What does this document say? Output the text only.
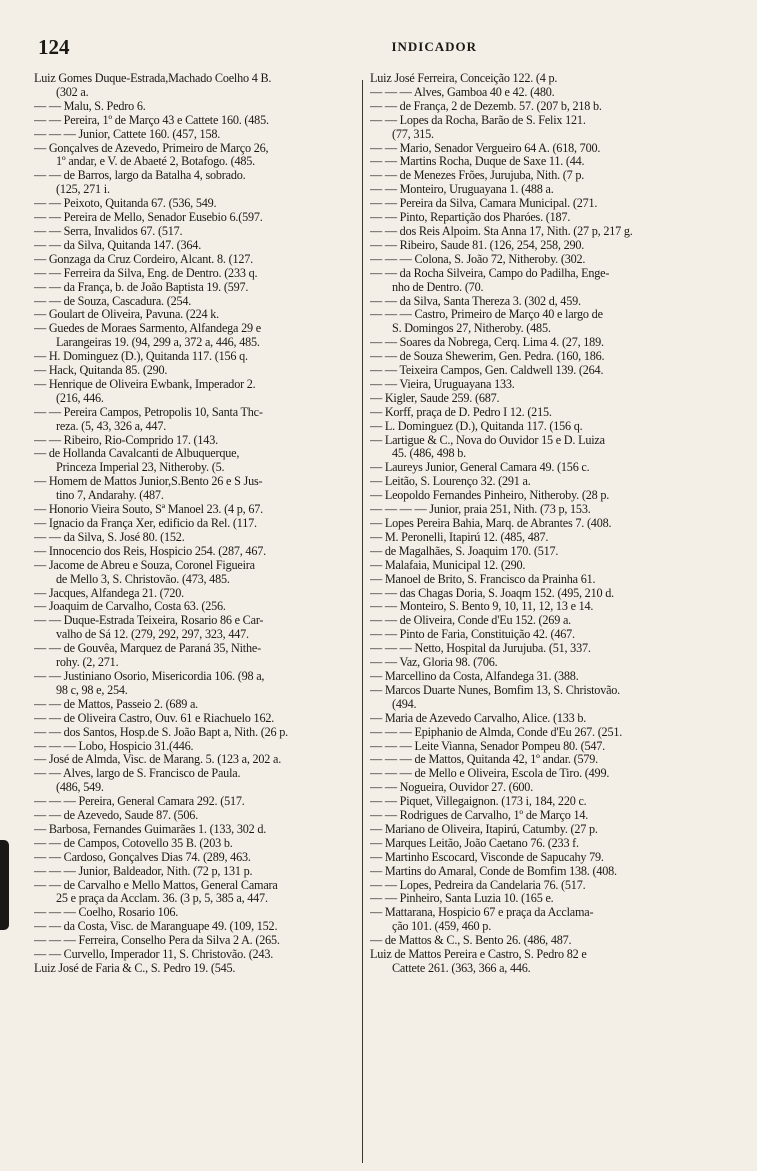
124	INDICADOR
Luiz Gomes Duque-Estrada,Machado Coelho 4 B.
(302 a.
— — Malu, S. Pedro 6.
— — Pereira, 1º de Março 43 e Cattete 160. (485.
— — — Junior, Cattete 160. (457, 158.
— Gonçalves de Azevedo, Primeiro de Março 26,
1º andar, e V. de Abaeté 2, Botafogo. (485.
— — de Barros, largo da Batalha 4, sobrado.
(125, 271 i.
— — Peixoto, Quitanda 67. (536, 549.
— — Pereira de Mello, Senador Eusebio 6.(597.
— — Serra, Invalidos 67. (517.
— — da Silva, Quitanda 147. (364.
— Gonzaga da Cruz Cordeiro, Alcant. 8. (127.
— — Ferreira da Silva, Eng. de Dentro. (233 q.
— — da França, b. de João Baptista 19. (597.
— — de Souza, Cascadura. (254.
— Goulart de Oliveira, Pavuna. (224 k.
— Guedes de Moraes Sarmento, Alfandega 29 e
Larangeiras 19. (94, 299 a, 372 a, 446, 485.
— H. Dominguez (D.), Quitanda 117. (156 q.
— Hack, Quitanda 85. (290.
— Henrique de Oliveira Ewbank, Imperador 2.
(216, 446.
— — Pereira Campos, Petropolis 10, Santa Thc-
reza. (5, 43, 326 a, 447.
— — Ribeiro, Rio-Comprido 17. (143.
— de Hollanda Cavalcanti de Albuquerque,
Princeza Imperial 23, Nitheroby. (5.
— Homem de Mattos Junior,S.Bento 26 e S Jus-
tino 7, Andarahy. (487.
— Honorio Vieira Souto, Sª Manoel 23. (4 p, 67.
— Ignacio da França Xer, edificio da Rel. (117.
— — da Silva, S. José 80. (152.
— Innocencio dos Reis, Hospicio 254. (287, 467.
— Jacome de Abreu e Souza, Coronel Figueira
de Mello 3, S. Christovão. (473, 485.
— Jacques, Alfandega 21. (720.
— Joaquim de Carvalho, Costa 63. (256.
— — Duque-Estrada Teixeira, Rosario 86 e Car-
valho de Sá 12. (279, 292, 297, 323, 447.
— — de Gouvêa, Marquez de Paraná 35, Nithe-
rohy. (2, 271.
— — Justiniano Osorio, Misericordia 106. (98 a,
98 c, 98 e, 254.
— — de Mattos, Passeio 2. (689 a.
— — de Oliveira Castro, Ouv. 61 e Riachuelo 162.
— — dos Santos, Hosp.de S. João Bapt a, Nith. (26 p.
— — — Lobo, Hospicio 31.(446.
— José de Almda, Visc. de Marang. 5. (123 a, 202 a.
— — Alves, largo de S. Francisco de Paula.
(486, 549.
— — — Pereira, General Camara 292. (517.
— — de Azevedo, Saude 87. (506.
— Barbosa, Fernandes Guimarães 1. (133, 302 d.
— — de Campos, Cotovello 35 B. (203 b.
— — Cardoso, Gonçalves Dias 74. (289, 463.
— — — Junior, Baldeador, Nith. (72 p, 131 p.
— — de Carvalho e Mello Mattos, General Camara
25 e praça da Acclam. 36. (3 p, 5, 385 a, 447.
— — — Coelho, Rosario 106.
— — da Costa, Visc. de Maranguape 49. (109, 152.
— — — Ferreira, Conselho Pera da Silva 2 A. (265.
— — Curvello, Imperador 11, S. Christovão. (243.
Luiz José de Faria & C., S. Pedro 19. (545.
Luiz José Ferreira, Conceição 122. (4 p.
— — — Alves, Gamboa 40 e 42. (480.
— — de França, 2 de Dezemb. 57. (207 b, 218 b.
— — Lopes da Rocha, Barão de S. Felix 121.
(77, 315.
— — Mario, Senador Vergueiro 64 A. (618, 700.
— — Martins Rocha, Duque de Saxe 11. (44.
— — de Menezes Frões, Jurujuba, Nith. (7 p.
— — Monteiro, Uruguayana 1. (488 a.
— — Pereira da Silva, Camara Municipal. (271.
— — Pinto, Repartição dos Pharóes. (187.
— — dos Reis Alpoim. Sta Anna 17, Nith. (27 p, 217 g.
— — Ribeiro, Saude 81. (126, 254, 258, 290.
— — — Colona, S. João 72, Nitheroby. (302.
— — da Rocha Silveira, Campo do Padilha, Enge-
nho de Dentro. (70.
— — da Silva, Santa Thereza 3. (302 d, 459.
— — — Castro, Primeiro de Março 40 e largo de
S. Domingos 27, Nitheroby. (485.
— — Soares da Nobrega, Cerq. Lima 4. (27, 189.
— — de Souza Shewerim, Gen. Pedra. (160, 186.
— — Teixeira Campos, Gen. Caldwell 139. (264.
— — Vieira, Uruguayana 133.
— Kigler, Saude 259. (687.
— Korff, praça de D. Pedro I 12. (215.
— L. Dominguez (D.), Quitanda 117. (156 q.
— Lartigue & C., Nova do Ouvidor 15 e D. Luiza
45. (486, 498 b.
— Laureys Junior, General Camara 49. (156 c.
— Leitão, S. Lourenço 32. (291 a.
— Leopoldo Fernandes Pinheiro, Nitheroby. (28 p.
— — — — Junior, praia 251, Nith. (73 p, 153.
— Lopes Pereira Bahia, Marq. de Abrantes 7. (408.
— M. Peronelli, Itapirú 12. (485, 487.
— de Magalhães, S. Joaquim 170. (517.
— Malafaia, Municipal 12. (290.
— Manoel de Brito, S. Francisco da Prainha 61.
— — das Chagas Doria, S. Joaqm 152. (495, 210 d.
— — Monteiro, S. Bento 9, 10, 11, 12, 13 e 14.
— — de Oliveira, Conde d'Eu 152. (269 a.
— — Pinto de Faria, Constituição 42. (467.
— — — Netto, Hospital da Jurujuba. (51, 337.
— — Vaz, Gloria 98. (706.
— Marcellino da Costa, Alfandega 31. (388.
— Marcos Duarte Nunes, Bomfim 13, S. Christovão.
(494.
— Maria de Azevedo Carvalho, Alice. (133 b.
— — — Epiphanio de Almda, Conde d'Eu 267. (251.
— — — Leite Vianna, Senador Pompeu 80. (547.
— — — de Mattos, Quitanda 42, 1º andar. (579.
— — — de Mello e Oliveira, Escola de Tiro. (499.
— — Nogueira, Ouvidor 27. (600.
— — Piquet, Villegaignon. (173 i, 184, 220 c.
— — Rodrigues de Carvalho, 1º de Março 14.
— Mariano de Oliveira, Itapirú, Catumby. (27 p.
— Marques Leitão, João Caetano 76. (233 f.
— Martinho Escocard, Visconde de Sapucahy 79.
— Martins do Amaral, Conde de Bomfim 138. (408.
— — Lopes, Pedreira da Candelaria 76. (517.
— — Pinheiro, Santa Luzia 10. (165 e.
— Mattarana, Hospicio 67 e praça da Acclama-
ção 101. (459, 460 p.
— de Mattos & C., S. Bento 26. (486, 487.
Luiz de Mattos Pereira e Castro, S. Pedro 82 e
Cattete 261. (363, 366 a, 446.
